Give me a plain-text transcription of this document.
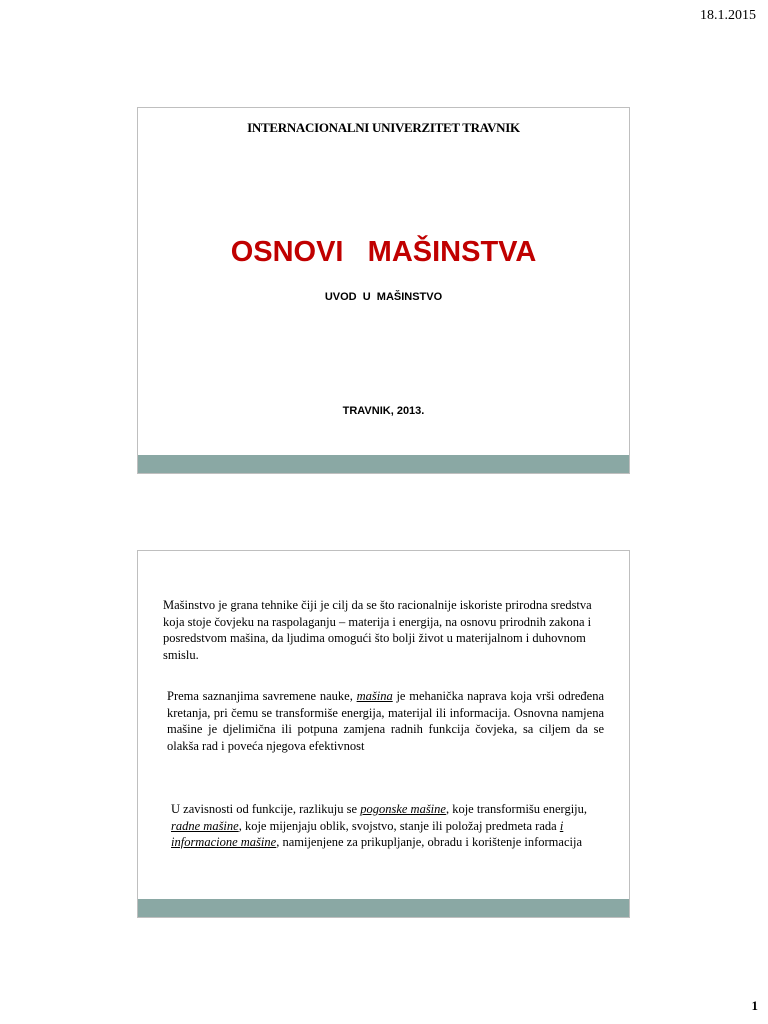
18.1.2015
INTERNACIONALNI UNIVERZITET TRAVNIK
OSNOVI   MAŠINSTVA
UVOD  U  MAŠINSTVO
TRAVNIK, 2013.
Mašinstvo je grana tehnike čiji je cilj da se što racionalnije iskoriste prirodna sredstva koja stoje čovjeku na raspolaganju – materija i energija, na osnovu prirodnih zakona i posredstvom mašina, da ljudima omogući što bolji život u materijalnom i duhovnom smislu.
Prema saznanjima savremene nauke, mašina je mehanička naprava koja vrši određena kretanja, pri čemu se transformiše energija, materijal ili informacija. Osnovna namjena mašine je djelimična ili potpuna zamjena radnih funkcija čovjeka, sa ciljem da se olakša rad i poveća njegova efektivnost
U zavisnosti od funkcije, razlikuju se pogonske mašine, koje transformišu energiju, radne mašine, koje mijenjaju oblik, svojstvo, stanje ili položaj predmeta rada i informacione mašine, namijenjene za prikupljanje, obradu i korištenje informacija
1
